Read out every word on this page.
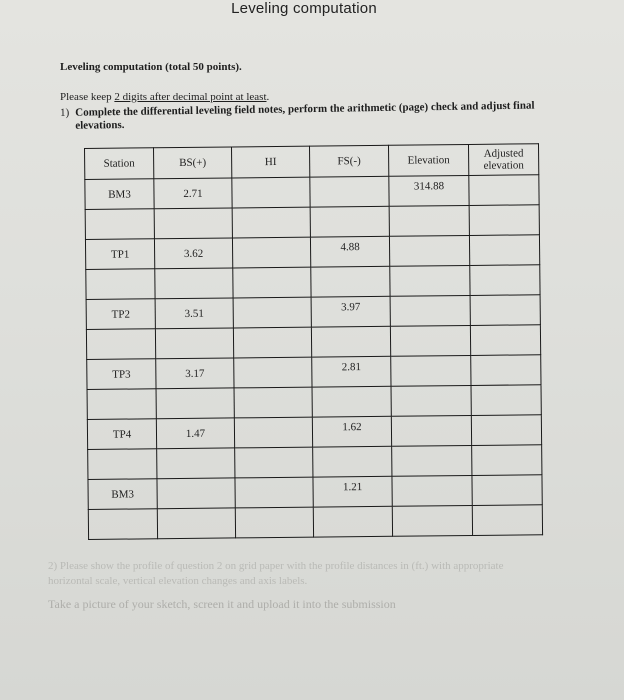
Leveling computation
Leveling computation (total 50 points).
Please keep 2 digits after decimal point at least.
1) Complete the differential leveling field notes, perform the arithmetic (page) check and adjust final
elevations.
Station	BS(+)	HI	FS(-)	Elevation	Adjusted elevation
BM3	2.71			314.88	

TP1	3.62		4.88		

TP2	3.51		3.97		

TP3	3.17		2.81		

TP4	1.47		1.62		

BM3			1.21		

2) Please show the profile of question 2 on grid paper with the profile distances in (ft.) with appropriate
horizontal scale, vertical elevation changes and axis labels.
Take a picture of your sketch, screen it and upload it into the submission
